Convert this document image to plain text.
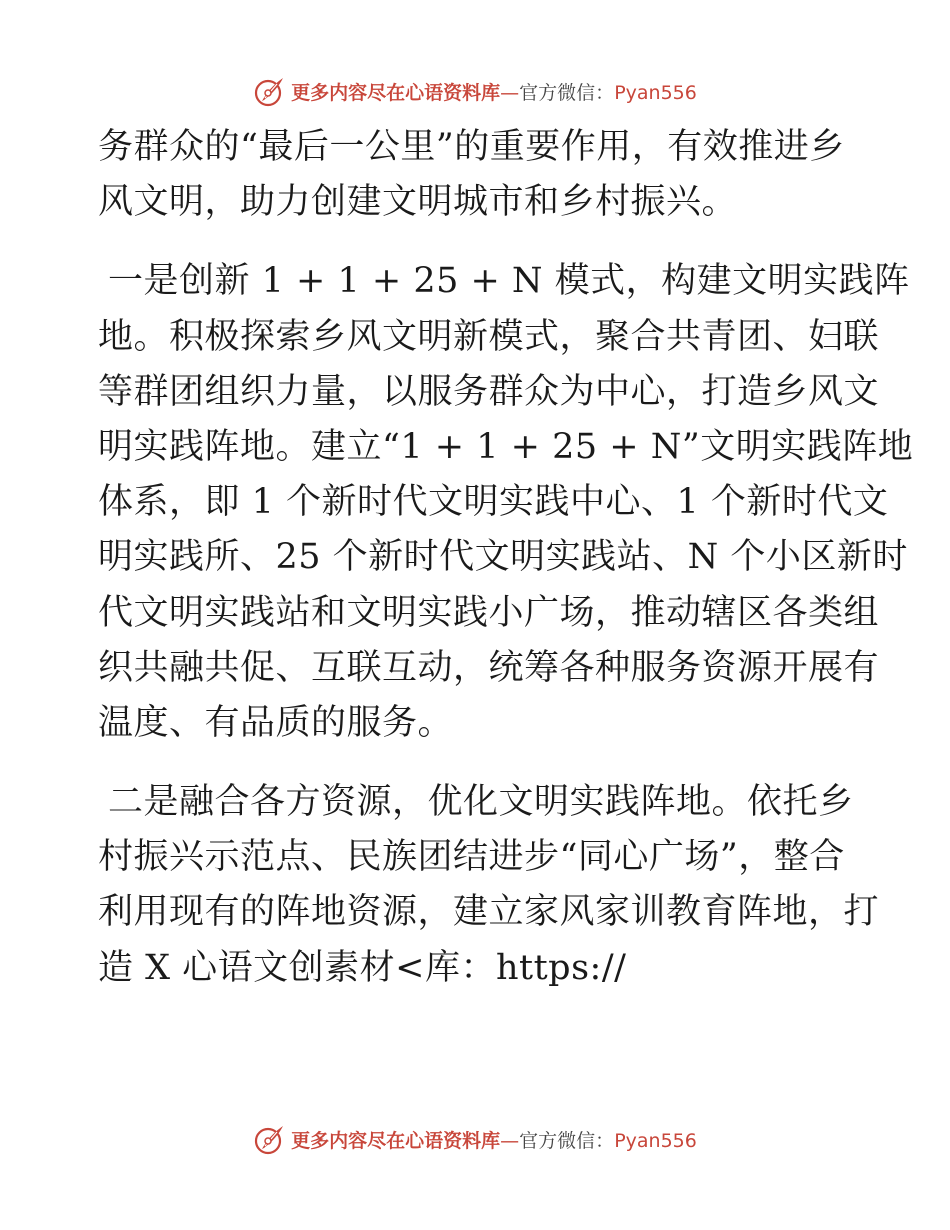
更多内容尽在心语资料库—官方微信：Pyan556
务群众的“最后一公里”的重要作用，有效推进乡
风文明，助力创建文明城市和乡村振兴。
一是创新 1 + 1 + 25 + N 模式，构建文明实践阵
地。积极探索乡风文明新模式，聚合共青团、妇联
等群团组织力量，以服务群众为中心，打造乡风文
明实践阵地。建立“1 + 1 + 25 + N”文明实践阵地
体系，即 1 个新时代文明实践中心、1 个新时代文
明实践所、25 个新时代文明实践站、N 个小区新时
代文明实践站和文明实践小广场，推动辖区各类组
织共融共促、互联互动，统筹各种服务资源开展有
温度、有品质的服务。
二是融合各方资源，优化文明实践阵地。依托乡
村振兴示范点、民族团结进步“同心广场”，整合
利用现有的阵地资源，建立家风家训教育阵地，打
造 X 心语文创素材<库：https://
更多内容尽在心语资料库—官方微信：Pyan556
